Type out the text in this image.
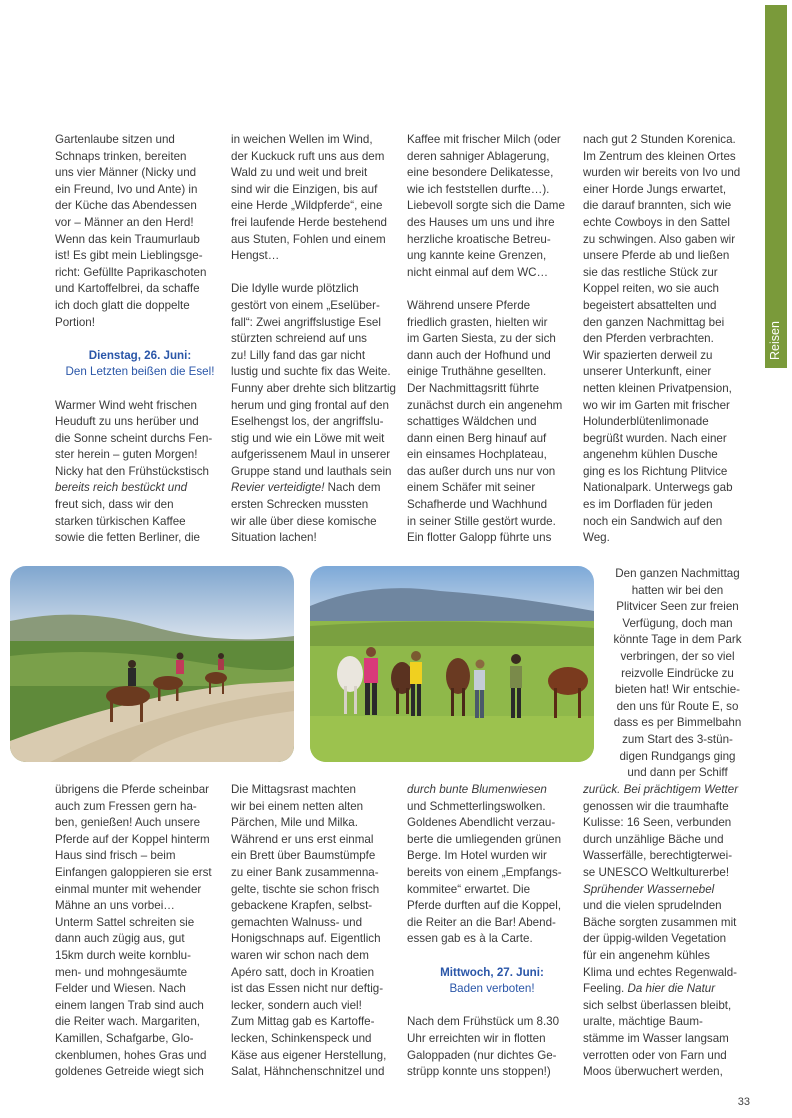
Reisen

Gartenlaube sitzen und
Schnaps trinken, bereiten
uns vier Männer (Nicky und
ein Freund, Ivo und Ante) in
der Küche das Abendessen
vor – Männer an den Herd!
Wenn das kein Traumurlaub
ist! Es gibt mein Lieblingsge-
richt: Gefüllte Paprikaschoten
und Kartoffelbrei, da schaffe
ich doch glatt die doppelte
Portion!

Dienstag, 26. Juni:

Den Letzten beißen die Esel!

Warmer Wind weht frischen
Heuduft zu uns herüber und
die Sonne scheint durchs Fen-
ster herein – guten Morgen!
Nicky hat den Frühstückstisch
bereits reich bestückt und
freut sich, dass wir den
starken türkischen Kaffee
sowie die fetten Berliner, die

in weichen Wellen im Wind,
der Kuckuck ruft uns aus dem
Wald zu und weit und breit
sind wir die Einzigen, bis auf
eine Herde „Wildpferde“, eine
frei laufende Herde bestehend
aus Stuten, Fohlen und einem
Hengst…

Die Idylle wurde plötzlich
gestört von einem „Eselüber-
fall“: Zwei angriffslustige Esel
stürzten schreiend auf uns
zu! Lilly fand das gar nicht
lustig und suchte fix das Weite.
Funny aber drehte sich blitzartig
herum und ging frontal auf den
Eselhengst los, der angriffslu-
stig und wie ein Löwe mit weit
aufgerissenem Maul in unserer
Gruppe stand und lauthals sein
Revier verteidigte! Nach dem
ersten Schrecken mussten
wir alle über diese komische
Situation lachen!

Kaffee mit frischer Milch (oder
deren sahniger Ablagerung,
eine besondere Delikatesse,
wie ich feststellen durfte…).
Liebevoll sorgte sich die Dame
des Hauses um uns und ihre
herzliche kroatische Betreu-
ung kannte keine Grenzen,
nicht einmal auf dem WC…

Während unsere Pferde
friedlich grasten, hielten wir
im Garten Siesta, zu der sich
dann auch der Hofhund und
einige Truthähne gesellten.
Der Nachmittagsritt führte
zunächst durch ein angenehm
schattiges Wäldchen und
dann einen Berg hinauf auf
ein einsames Hochplateau,
das außer durch uns nur von
einem Schäfer mit seiner
Schafherde und Wachhund
in seiner Stille gestört wurde.
Ein flotter Galopp führte uns

nach gut 2 Stunden Korenica.
Im Zentrum des kleinen Ortes
wurden wir bereits von Ivo und
einer Horde Jungs erwartet,
die darauf brannten, sich wie
echte Cowboys in den Sattel
zu schwingen. Also gaben wir
unsere Pferde ab und ließen
sie das restliche Stück zur
Koppel reiten, wo sie auch
begeistert absattelten und
den ganzen Nachmittag bei
den Pferden verbrachten.
Wir spazierten derweil zu
unserer Unterkunft, einer
netten kleinen Privatpension,
wo wir im Garten mit frischer
Holunderblütenlimonade
begrüßt wurden. Nach einer
angenehm kühlen Dusche
ging es los Richtung Plitvice
Nationalpark. Unterwegs gab
es im Dorfladen für jeden
noch ein Sandwich auf den
Weg.

Den ganzen Nachmittag
hatten wir bei den
Plitvicer Seen zur freien
Verfügung, doch man
könnte Tage in dem Park
verbringen, der so viel
reizvolle Eindrücke zu
bieten hat! Wir entschie-
den uns für Route E, so
dass es per Bimmelbahn
zum Start des 3-stün-
digen Rundgangs ging
und dann per Schiff

übrigens die Pferde scheinbar
auch zum Fressen gern ha-
ben, genießen! Auch unsere
Pferde auf der Koppel hinterm
Haus sind frisch – beim
Einfangen galoppieren sie erst
einmal munter mit wehender
Mähne an uns vorbei…
Unterm Sattel schreiten sie
dann auch zügig aus, gut
15km durch weite kornblu-
men- und mohngesäumte
Felder und Wiesen. Nach
einem langen Trab sind auch
die Reiter wach. Margariten,
Kamillen, Schafgarbe, Glo-
ckenblumen, hohes Gras und
goldenes Getreide wiegt sich

Die Mittagsrast machten
wir bei einem netten alten
Pärchen, Mile und Milka.
Während er uns erst einmal
ein Brett über Baumstümpfe
zu einer Bank zusammenna-
gelte, tischte sie schon frisch
gebackene Krapfen, selbst-
gemachten Walnuss- und
Honigschnaps auf. Eigentlich
waren wir schon nach dem
Apéro satt, doch in Kroatien
ist das Essen nicht nur deftig-
lecker, sondern auch viel!
Zum Mittag gab es Kartoffe-
lecken, Schinkenspeck und
Käse aus eigener Herstellung,
Salat, Hähnchenschnitzel und

durch bunte Blumenwiesen
und Schmetterlingswolken.
Goldenes Abendlicht verzau-
berte die umliegenden grünen
Berge. Im Hotel wurden wir
bereits von einem „Empfangs-
kommitee“ erwartet. Die
Pferde durften auf die Koppel,
die Reiter an die Bar! Abend-
essen gab es à la Carte.

Mittwoch, 27. Juni:

Baden verboten!

Nach dem Frühstück um 8.30
Uhr erreichten wir in flotten
Galoppaden (nur dichtes Ge-
strüpp konnte uns stoppen!)

zurück. Bei prächtigem Wetter
genossen wir die traumhafte
Kulisse: 16 Seen, verbunden
durch unzählige Bäche und
Wasserfälle, berechtigterwei-
se UNESCO Weltkulturerbe!
Sprühender Wassernebel
und die vielen sprudelnden
Bäche sorgten zusammen mit
der üppig-wilden Vegetation
für ein angenehm kühles
Klima und echtes Regenwald-
Feeling. Da hier die Natur
sich selbst überlassen bleibt,
uralte, mächtige Baum-
stämme im Wasser langsam
verrotten oder von Farn und
Moos überwuchert werden,

33
